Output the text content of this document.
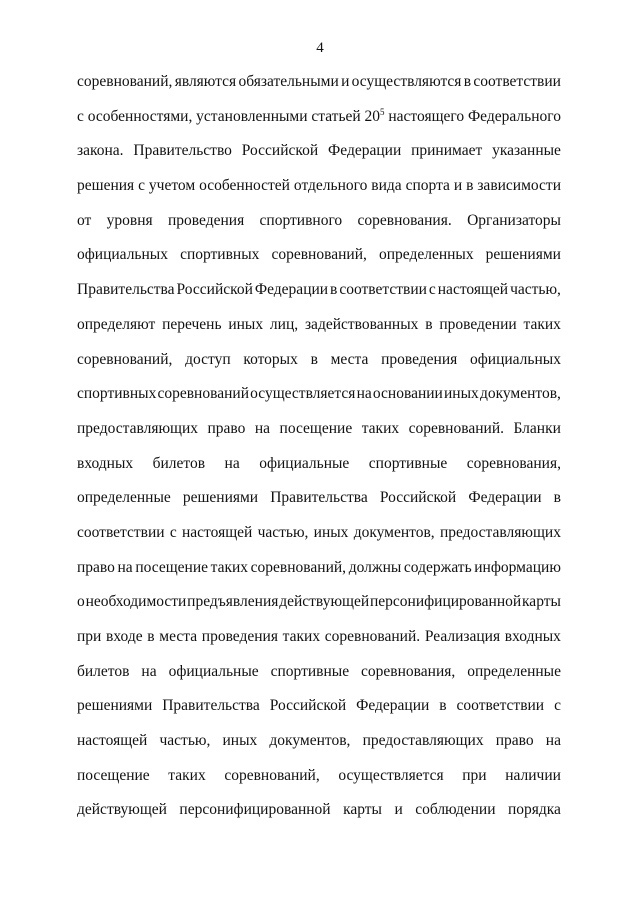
4
соревнований, являются обязательными и осуществляются в соответствии
с особенностями, установленными статьей $20^5$ настоящего Федерального
закона. Правительство Российской Федерации принимает указанные
решения с учетом особенностей отдельного вида спорта и в зависимости
от уровня проведения спортивного соревнования. Организаторы
официальных спортивных соревнований, определенных решениями
Правительства Российской Федерации в соответствии с настоящей частью,
определяют перечень иных лиц, задействованных в проведении таких
соревнований, доступ которых в места проведения официальных
спортивных соревнований осуществляется на основании иных документов,
предоставляющих право на посещение таких соревнований. Бланки
входных билетов на официальные спортивные соревнования,
определенные решениями Правительства Российской Федерации в
соответствии с настоящей частью, иных документов, предоставляющих
право на посещение таких соревнований, должны содержать информацию
о необходимости предъявления действующей персонифицированной карты
при входе в места проведения таких соревнований. Реализация входных
билетов на официальные спортивные соревнования, определенные
решениями Правительства Российской Федерации в соответствии с
настоящей частью, иных документов, предоставляющих право на
посещение таких соревнований, осуществляется при наличии
действующей персонифицированной карты и соблюдении порядка
